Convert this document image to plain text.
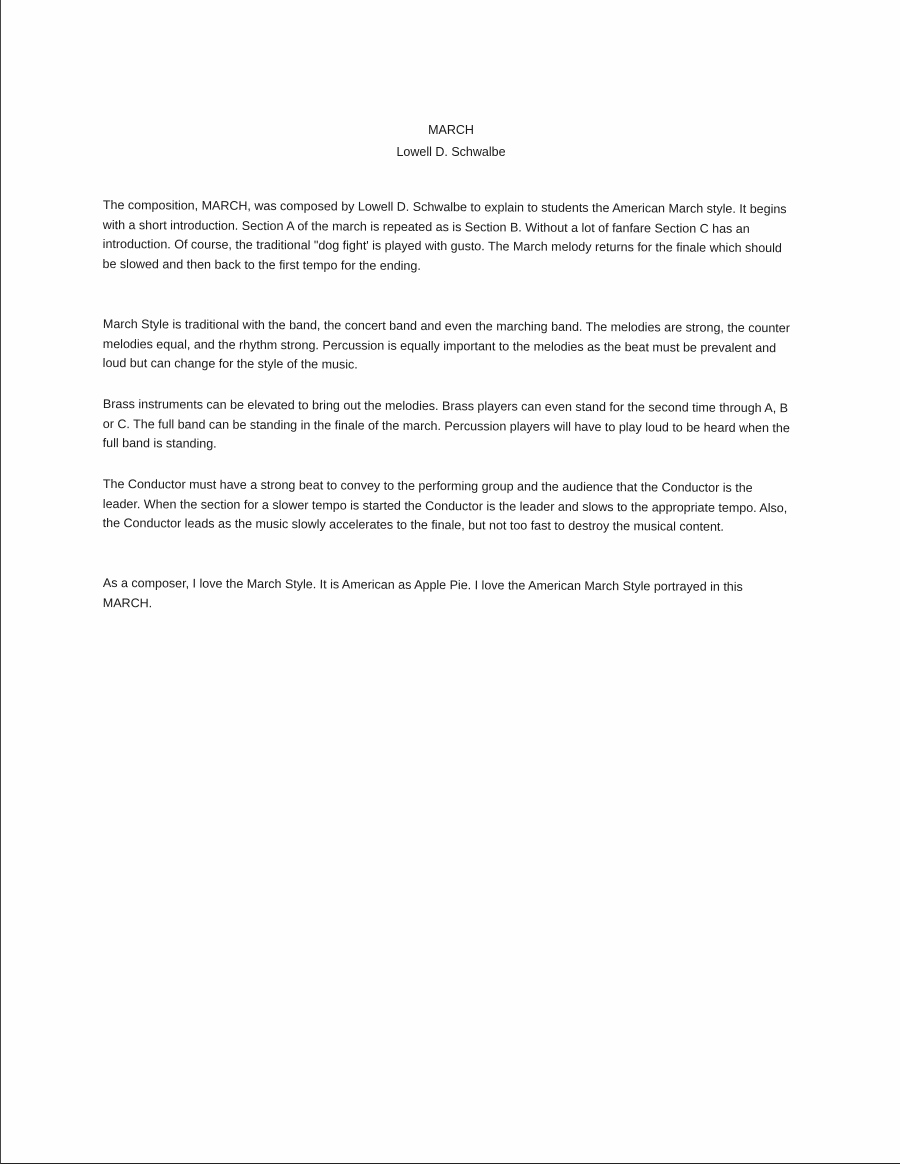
MARCH
Lowell D. Schwalbe
The composition, MARCH, was composed by Lowell D. Schwalbe to explain to students the American March style. It begins with a short introduction. Section A of the march is repeated as is Section B. Without a lot of fanfare Section C has an introduction. Of course, the traditional "dog fight' is played with gusto. The March melody returns for the finale which should be slowed and then back to the first tempo for the ending.
March Style is traditional with the band, the concert band and even the marching band. The melodies are strong, the counter melodies equal, and the rhythm strong. Percussion is equally important to the melodies as the beat must be prevalent and loud but can change for the style of the music.
Brass instruments can be elevated to bring out the melodies. Brass players can even stand for the second time through A, B or C. The full band can be standing in the finale of the march. Percussion players will have to play loud to be heard when the full band is standing.
The Conductor must have a strong beat to convey to the performing group and the audience that the Conductor is the leader. When the section for a slower tempo is started the Conductor is the leader and slows to the appropriate tempo. Also, the Conductor leads as the music slowly accelerates to the finale, but not too fast to destroy the musical content.
As a composer, I love the March Style. It is American as Apple Pie. I love the American March Style portrayed in this MARCH.
